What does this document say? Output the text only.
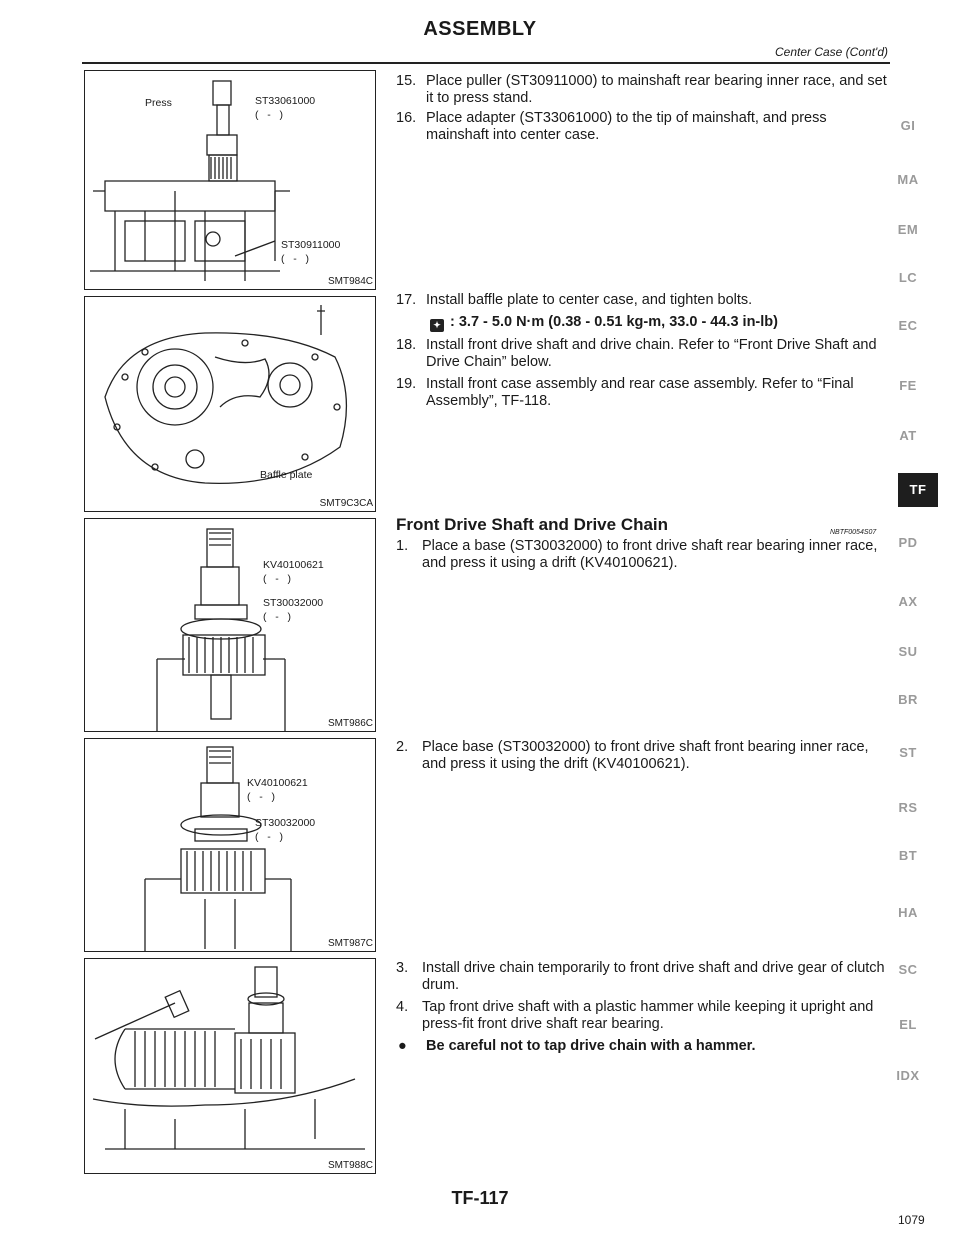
ASSEMBLY
Center Case (Cont'd)
Press	ST33061000
(   -   )
ST30911000
(   -   )
SMT984C
Baffle plate
SMT9C3CA
KV40100621
(   -   )
ST30032000
(   -   )
SMT986C
KV40100621
(   -   )
ST30032000
(   -   )
SMT987C
SMT988C
15. Place puller (ST30911000) to mainshaft rear bearing inner race, and set it to press stand.
16. Place adapter (ST33061000) to the tip of mainshaft, and press mainshaft into center case.
17. Install baffle plate to center case, and tighten bolts.
✦ : 3.7 - 5.0 N·m (0.38 - 0.51 kg-m, 33.0 - 44.3 in-lb)
18. Install front drive shaft and drive chain. Refer to “Front Drive Shaft and Drive Chain” below.
19. Install front case assembly and rear case assembly. Refer to “Final Assembly”, TF-118.
Front Drive Shaft and Drive Chain	NBTF0054S07
1. Place a base (ST30032000) to front drive shaft rear bearing inner race, and press it using a drift (KV40100621).
2. Place base (ST30032000) to front drive shaft front bearing inner race, and press it using the drift (KV40100621).
3. Install drive chain temporarily to front drive shaft and drive gear of clutch drum.
4. Tap front drive shaft with a plastic hammer while keeping it upright and press-fit front drive shaft rear bearing.
●	Be careful not to tap drive chain with a hammer.
GI
MA
EM
LC
EC
FE
AT
TF
PD
AX
SU
BR
ST
RS
BT
HA
SC
EL
IDX
TF-117
1079
